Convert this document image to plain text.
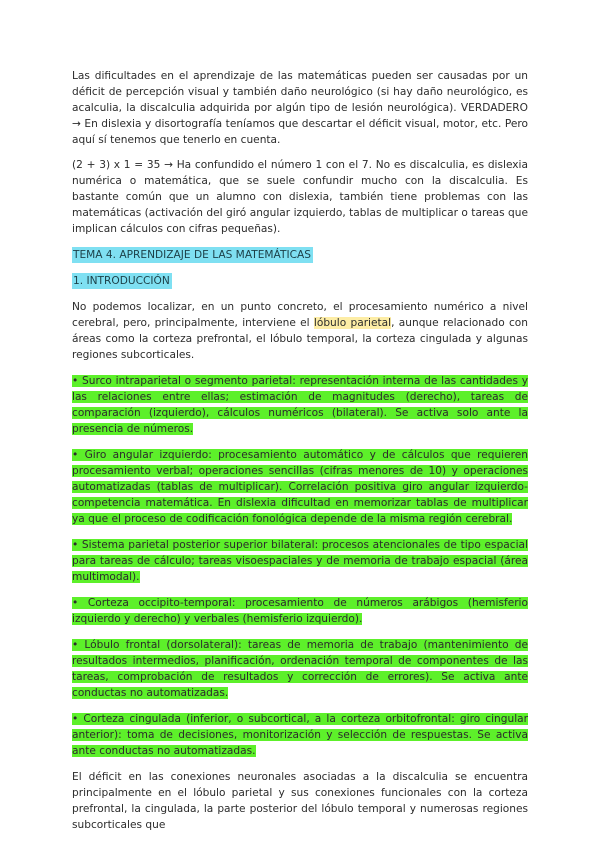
Las dificultades en el aprendizaje de las matemáticas pueden ser causadas por un déficit de percepción visual y también daño neurológico (si hay daño neurológico, es acalculia, la discalculia adquirida por algún tipo de lesión neurológica). VERDADERO → En dislexia y disortografía teníamos que descartar el déficit visual, motor, etc. Pero aquí sí tenemos que tenerlo en cuenta.

(2 + 3) x 1 = 35 → Ha confundido el número 1 con el 7. No es discalculia, es dislexia numérica o matemática, que se suele confundir mucho con la discalculia. Es bastante común que un alumno con dislexia, también tiene problemas con las matemáticas (activación del giró angular izquierdo, tablas de multiplicar o tareas que implican cálculos con cifras pequeñas).

TEMA 4. APRENDIZAJE DE LAS MATEMÁTICAS
1. INTRODUCCIÓN

No podemos localizar, en un punto concreto, el procesamiento numérico a nivel cerebral, pero, principalmente, interviene el lóbulo parietal, aunque relacionado con áreas como la corteza prefrontal, el lóbulo temporal, la corteza cingulada y algunas regiones subcorticales.

• Surco intraparietal o segmento parietal: representación interna de las cantidades y las relaciones entre ellas; estimación de magnitudes (derecho), tareas de comparación (izquierdo), cálculos numéricos (bilateral). Se activa solo ante la presencia de números.

• Giro angular izquierdo: procesamiento automático y de cálculos que requieren procesamiento verbal; operaciones sencillas (cifras menores de 10) y operaciones automatizadas (tablas de multiplicar). Correlación positiva giro angular izquierdo-competencia matemática. En dislexia dificultad en memorizar tablas de multiplicar ya que el proceso de codificación fonológica depende de la misma región cerebral.

• Sistema parietal posterior superior bilateral: procesos atencionales de tipo espacial para tareas de cálculo; tareas visoespaciales y de memoria de trabajo espacial (área multimodal).

• Corteza occipito-temporal: procesamiento de números arábigos (hemisferio izquierdo y derecho) y verbales (hemisferio izquierdo).

• Lóbulo frontal (dorsolateral): tareas de memoria de trabajo (mantenimiento de resultados intermedios, planificación, ordenación temporal de componentes de las tareas, comprobación de resultados y corrección de errores). Se activa ante conductas no automatizadas.

• Corteza cingulada (inferior, o subcortical, a la corteza orbitofrontal: giro cingular anterior): toma de decisiones, monitorización y selección de respuestas. Se activa ante conductas no automatizadas.

El déficit en las conexiones neuronales asociadas a la discalculia se encuentra principalmente en el lóbulo parietal y sus conexiones funcionales con la corteza prefrontal, la cingulada, la parte posterior del lóbulo temporal y numerosas regiones subcorticales que
